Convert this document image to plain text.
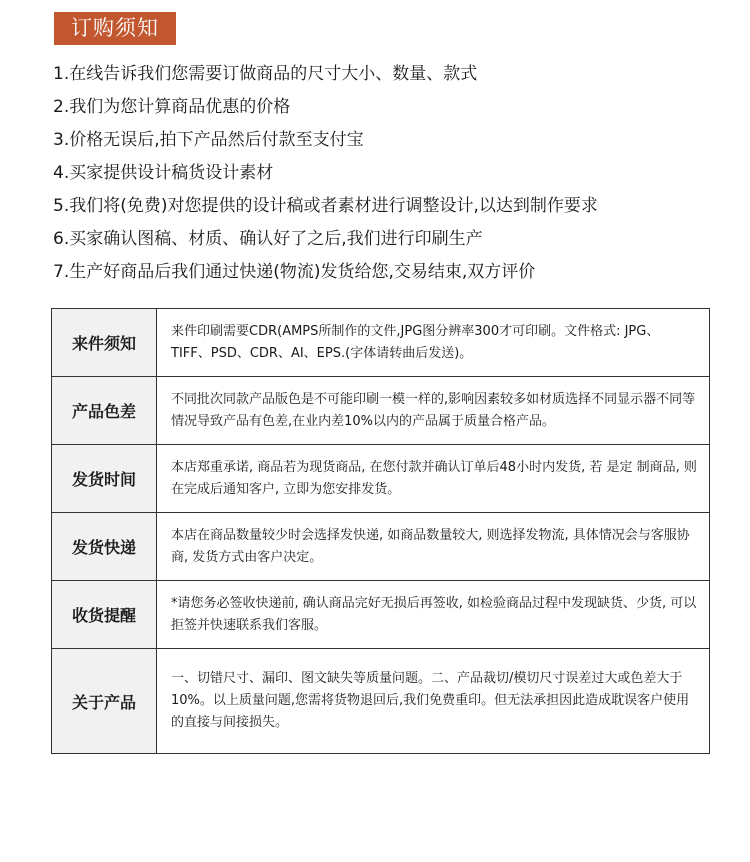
订购须知
1.在线告诉我们您需要订做商品的尺寸大小、数量、款式
2.我们为您计算商品优惠的价格
3.价格无误后,拍下产品然后付款至支付宝
4.买家提供设计稿货设计素材
5.我们将(免费)对您提供的设计稿或者素材进行调整设计,以达到制作要求
6.买家确认图稿、材质、确认好了之后,我们进行印刷生产
7.生产好商品后我们通过快递(物流)发货给您,交易结束,双方评价
来件须知	来件印刷需要CDR(AMPS所制作的文件,JPG图分辨率300才可印刷。文件格式: JPG、TIFF、PSD、CDR、AI、EPS.(字体请转曲后发送)。
产品色差	不同批次同款产品版色是不可能印刷一模一样的,影响因素较多如材质选择不同显示器不同等情况导致产品有色差,在业内差10%以内的产品属于质量合格产品。
发货时间	本店郑重承诺, 商品若为现货商品, 在您付款并确认订单后48小时内发货, 若 是定 制商品, 则在完成后通知客户, 立即为您安排发货。
发货快递	本店在商品数量较少时会选择发快递, 如商品数量较大, 则选择发物流, 具体情况会与客服协商, 发货方式由客户决定。
收货提醒	*请您务必签收快递前, 确认商品完好无损后再签收, 如检验商品过程中发现缺货、少货, 可以拒签并快速联系我们客服。
关于产品	一、切错尺寸、漏印、图文缺失等质量问题。二、产品裁切/模切尺寸误差过大或色差大于10%。以上质量问题,您需将货物退回后,我们免费重印。但无法承担因此造成耽误客户使用的直接与间接损失。
